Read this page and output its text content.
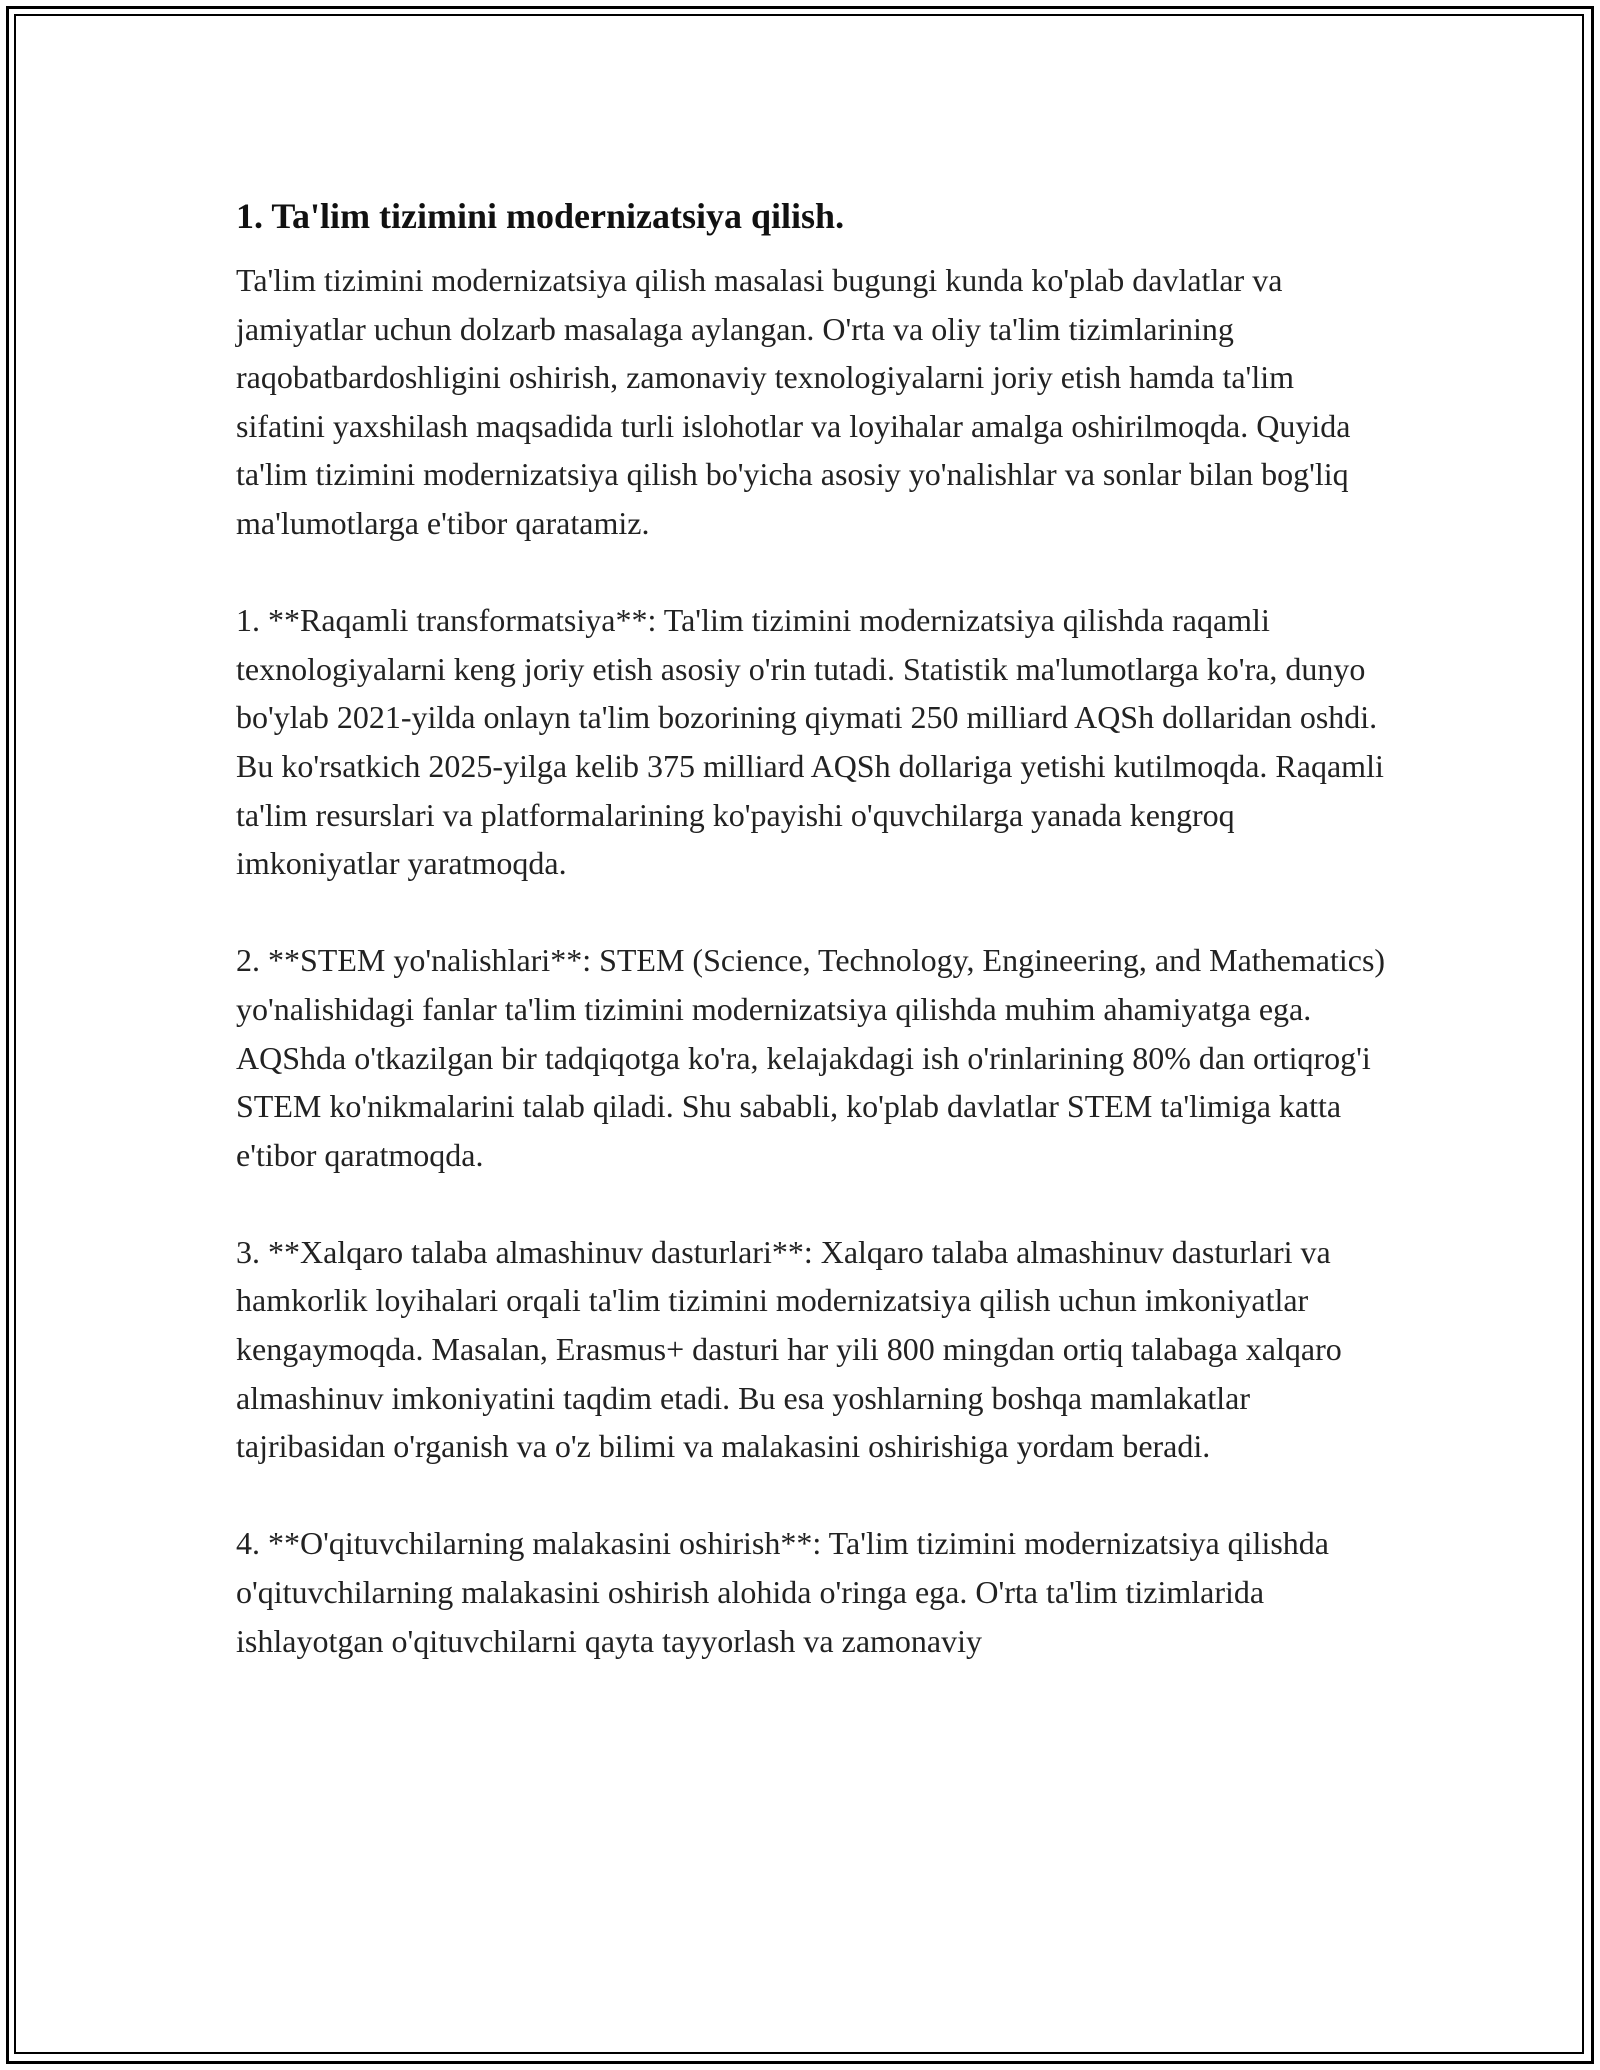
1. Ta'lim tizimini modernizatsiya qilish.

Ta'lim tizimini modernizatsiya qilish masalasi bugungi kunda ko'plab davlatlar va jamiyatlar uchun dolzarb masalaga aylangan. O'rta va oliy ta'lim tizimlarining raqobatbardoshligini oshirish, zamonaviy texnologiyalarni joriy etish hamda ta'lim sifatini yaxshilash maqsadida turli islohotlar va loyihalar amalga oshirilmoqda. Quyida ta'lim tizimini modernizatsiya qilish bo'yicha asosiy yo'nalishlar va sonlar bilan bog'liq ma'lumotlarga e'tibor qaratamiz.

1. **Raqamli transformatsiya**: Ta'lim tizimini modernizatsiya qilishda raqamli texnologiyalarni keng joriy etish asosiy o'rin tutadi. Statistik ma'lumotlarga ko'ra, dunyo bo'ylab 2021-yilda onlayn ta'lim bozorining qiymati 250 milliard AQSh dollaridan oshdi. Bu ko'rsatkich 2025-yilga kelib 375 milliard AQSh dollariga yetishi kutilmoqda. Raqamli ta'lim resurslari va platformalarining ko'payishi o'quvchilarga yanada kengroq imkoniyatlar yaratmoqda.

2. **STEM yo'nalishlari**: STEM (Science, Technology, Engineering, and Mathematics) yo'nalishidagi fanlar ta'lim tizimini modernizatsiya qilishda muhim ahamiyatga ega. AQShda o'tkazilgan bir tadqiqotga ko'ra, kelajakdagi ish o'rinlarining 80% dan ortiqrog'i STEM ko'nikmalarini talab qiladi. Shu sababli, ko'plab davlatlar STEM ta'limiga katta e'tibor qaratmoqda.

3. **Xalqaro talaba almashinuv dasturlari**: Xalqaro talaba almashinuv dasturlari va hamkorlik loyihalari orqali ta'lim tizimini modernizatsiya qilish uchun imkoniyatlar kengaymoqda. Masalan, Erasmus+ dasturi har yili 800 mingdan ortiq talabaga xalqaro almashinuv imkoniyatini taqdim etadi. Bu esa yoshlarning boshqa mamlakatlar tajribasidan o'rganish va o'z bilimi va malakasini oshirishiga yordam beradi.

4. **O'qituvchilarning malakasini oshirish**: Ta'lim tizimini modernizatsiya qilishda o'qituvchilarning malakasini oshirish alohida o'ringa ega. O'rta ta'lim tizimlarida ishlayotgan o'qituvchilarni qayta tayyorlash va zamonaviy
